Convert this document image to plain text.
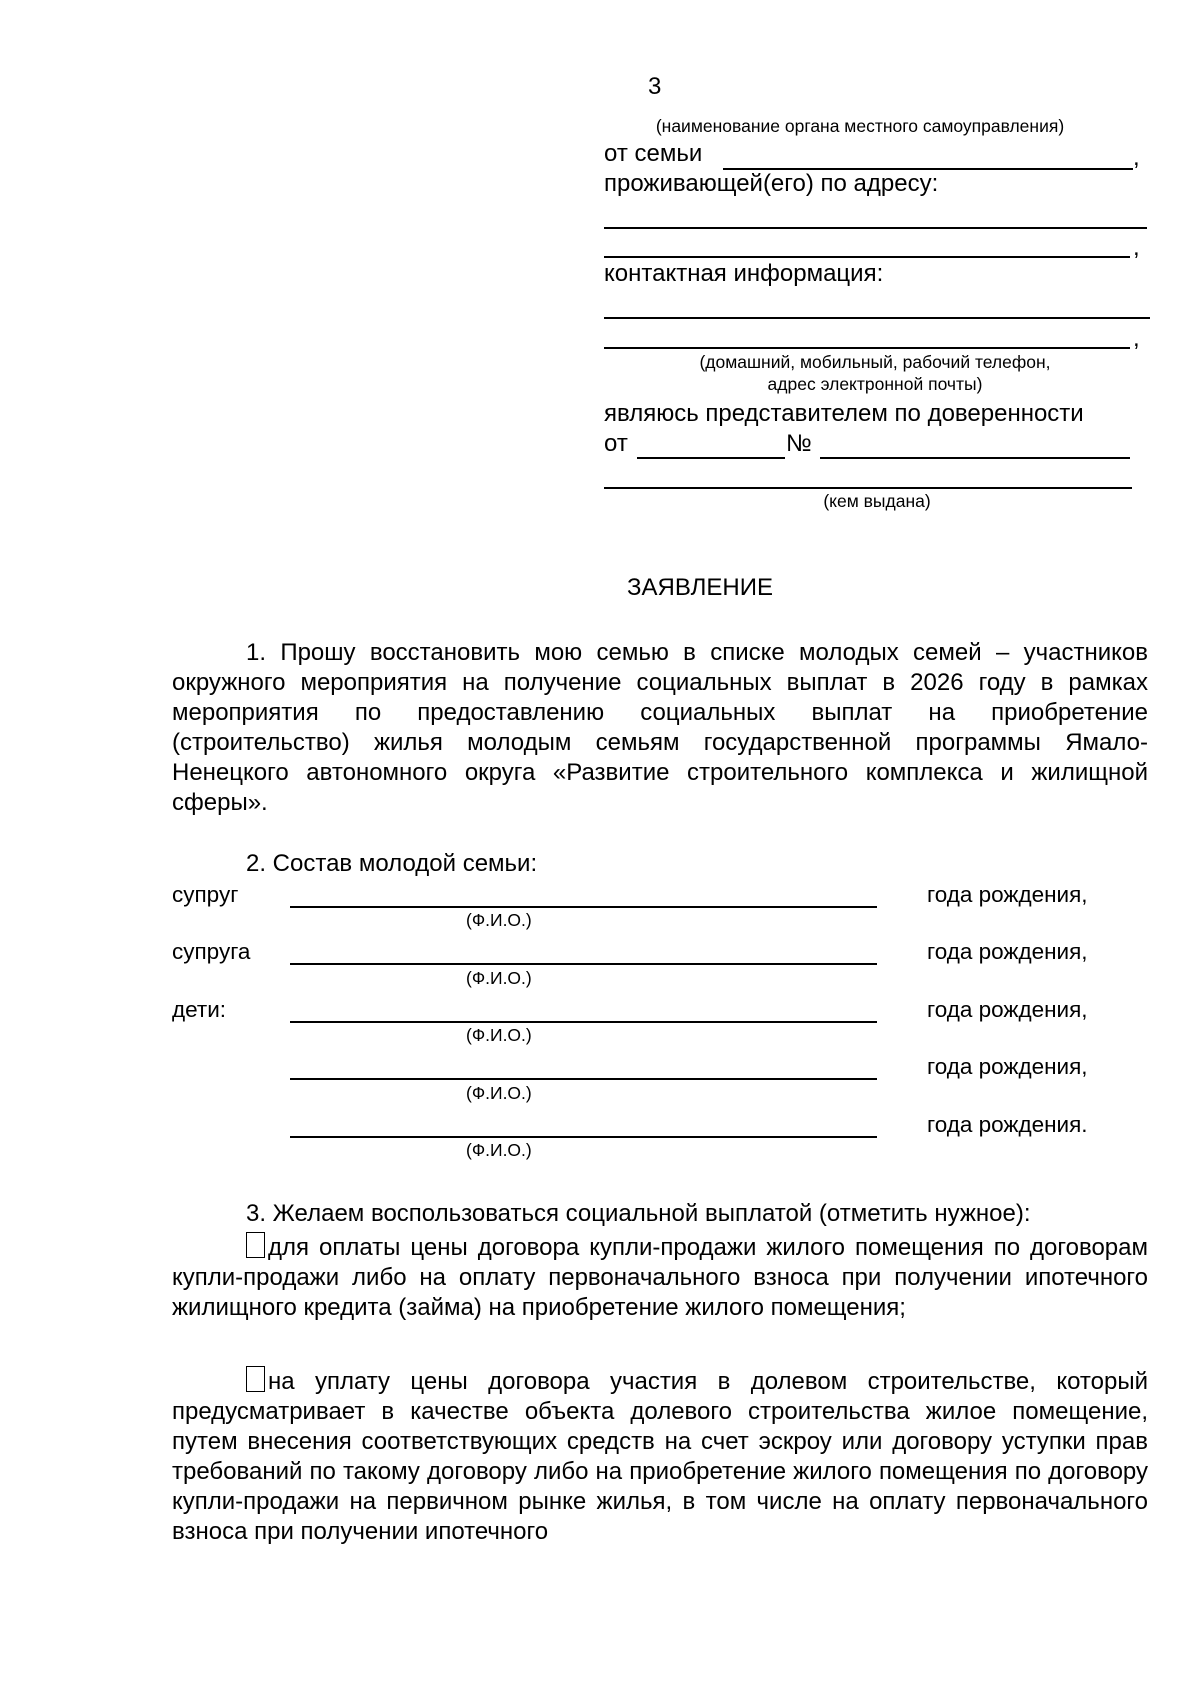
3
(наименование органа местного самоуправления)
от семьи	,
проживающей(его) по адресу:
,
контактная информация:
,
(домашний, мобильный, рабочий телефон,
адрес электронной почты)
являюсь представителем по доверенности
от	№
(кем выдана)
ЗАЯВЛЕНИЕ

1. Прошу восстановить мою семью в списке молодых семей – участников окружного мероприятия на получение социальных выплат в 2026 году в рамках мероприятия по предоставлению социальных выплат на приобретение (строительство) жилья молодым семьям государственной программы Ямало-Ненецкого автономного округа «Развитие строительного комплекса и жилищной сферы».

2. Состав молодой семьи:
супруг	года рождения,
(Ф.И.О.)
супруга	года рождения,
(Ф.И.О.)
дети:	года рождения,
(Ф.И.О.)
года рождения,
(Ф.И.О.)
года рождения.
(Ф.И.О.)
3. Желаем воспользоваться социальной выплатой (отметить нужное):

для оплаты цены договора купли-продажи жилого помещения по договорам купли-продажи либо на оплату первоначального взноса при получении ипотечного жилищного кредита (займа) на приобретение жилого помещения;

на уплату цены договора участия в долевом строительстве, который предусматривает в качестве объекта долевого строительства жилое помещение, путем внесения соответствующих средств на счет эскроу или договору уступки прав требований по такому договору либо на приобретение жилого помещения по договору купли-продажи на первичном рынке жилья, в том числе на оплату первоначального взноса при получении ипотечного
